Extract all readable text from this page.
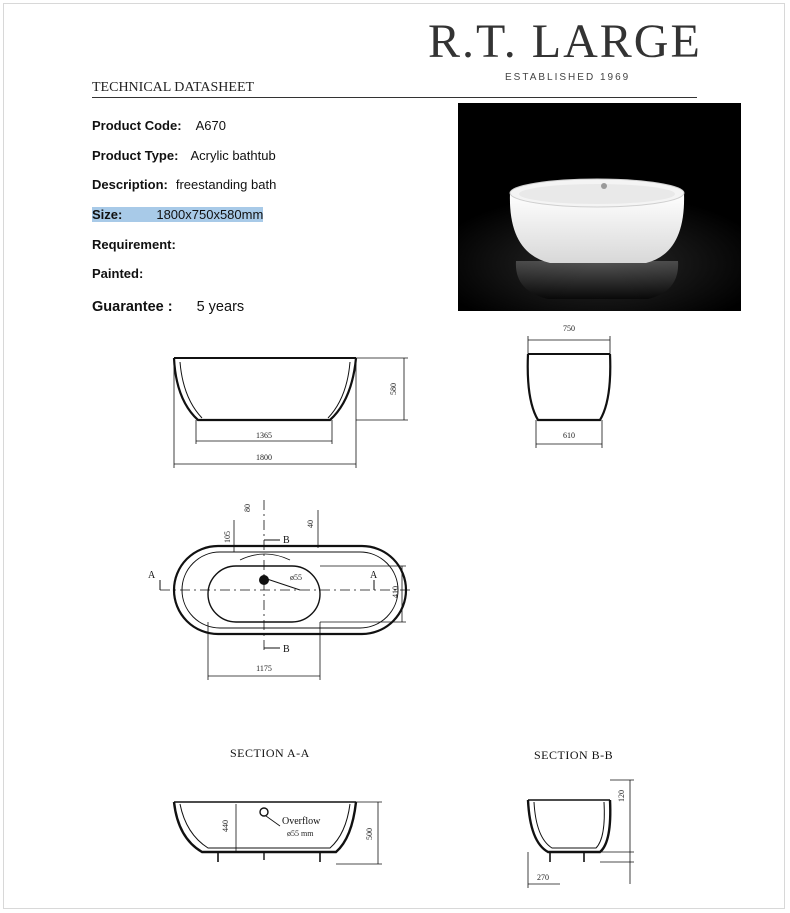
R.T. LARGE
ESTABLISHED 1969
TECHNICAL DATASHEET
Product Code: A670
Product Type: Acrylic bathtub
Description: freestanding bath
Size:	1800x750x580mm
Requirement:
Painted:
Guarantee : 5 years
1365
1800
580
750
610
80
105
40
410
1175
ø55
A	A
B
B
440
500
Overflow
ø55 mm
120
270
SECTION A-A	SECTION B-B
